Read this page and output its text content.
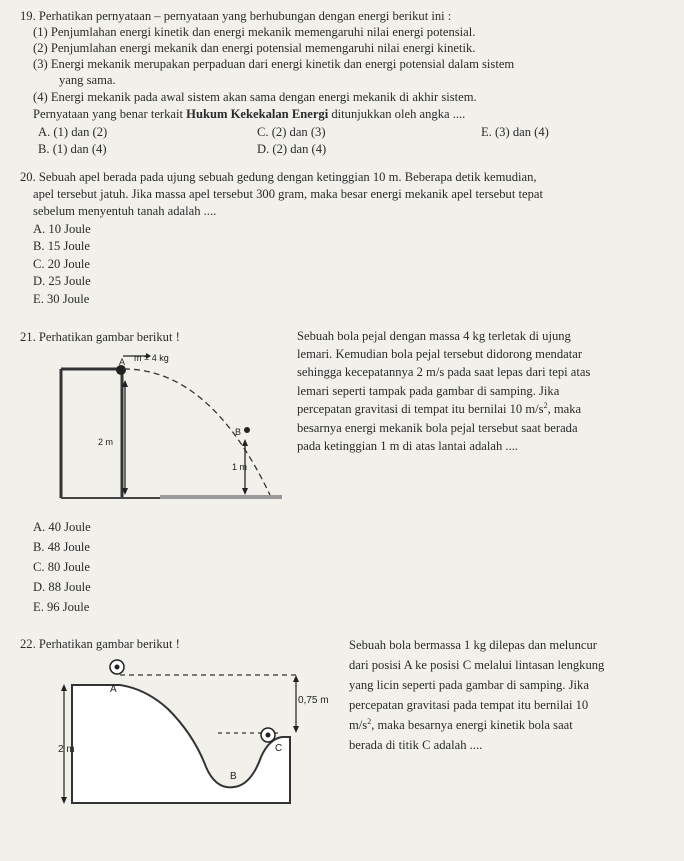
19. Perhatikan pernyataan – pernyataan yang berhubungan dengan energi berikut ini :
(1) Penjumlahan energi kinetik dan energi mekanik memengaruhi nilai energi potensial.
(2) Penjumlahan energi mekanik dan energi potensial memengaruhi nilai energi kinetik.
(3) Energi mekanik merupakan perpaduan dari energi kinetik dan energi potensial dalam sistem
yang sama.
(4) Energi mekanik pada awal sistem akan sama dengan energi mekanik di akhir sistem.
Pernyataan yang benar terkait Hukum Kekekalan Energi ditunjukkan oleh angka ....
A. (1) dan (2)	C. (2) dan (3)	E. (3) dan (4)
B. (1) dan (4)	D. (2) dan (4)
20. Sebuah apel berada pada ujung sebuah gedung dengan ketinggian 10 m. Beberapa detik kemudian,
apel tersebut jatuh. Jika massa apel tersebut 300 gram, maka besar energi mekanik apel tersebut tepat
sebelum menyentuh tanah adalah ....
A. 10 Joule
B. 15 Joule
C. 20 Joule
D. 25 Joule
E. 30 Joule
21. Perhatikan gambar berikut !	Sebuah bola pejal dengan massa 4 kg terletak di ujung
lemari. Kemudian bola pejal tersebut didorong mendatar
sehingga kecepatannya 2 m/s pada saat lepas dari tepi atas
lemari seperti tampak pada gambar di samping. Jika
percepatan gravitasi di tempat itu bernilai 10 $m/s^2$, maka
besarnya energi mekanik bola pejal tersebut saat berada
pada ketinggian 1 m di atas lantai adalah ....
A m = 4 kg
2 m
B
1 m
A. 40 Joule
B. 48 Joule
C. 80 Joule
D. 88 Joule
E. 96 Joule
22. Perhatikan gambar berikut !	Sebuah bola bermassa 1 kg dilepas dan meluncur
dari posisi A ke posisi C melalui lintasan lengkung
yang licin seperti pada gambar di samping. Jika
percepatan gravitasi pada tempat itu bernilai 10
$m/s^2$, maka besarnya energi kinetik bola saat
berada di titik C adalah ....
A
0,75 m
2 m	C
B
